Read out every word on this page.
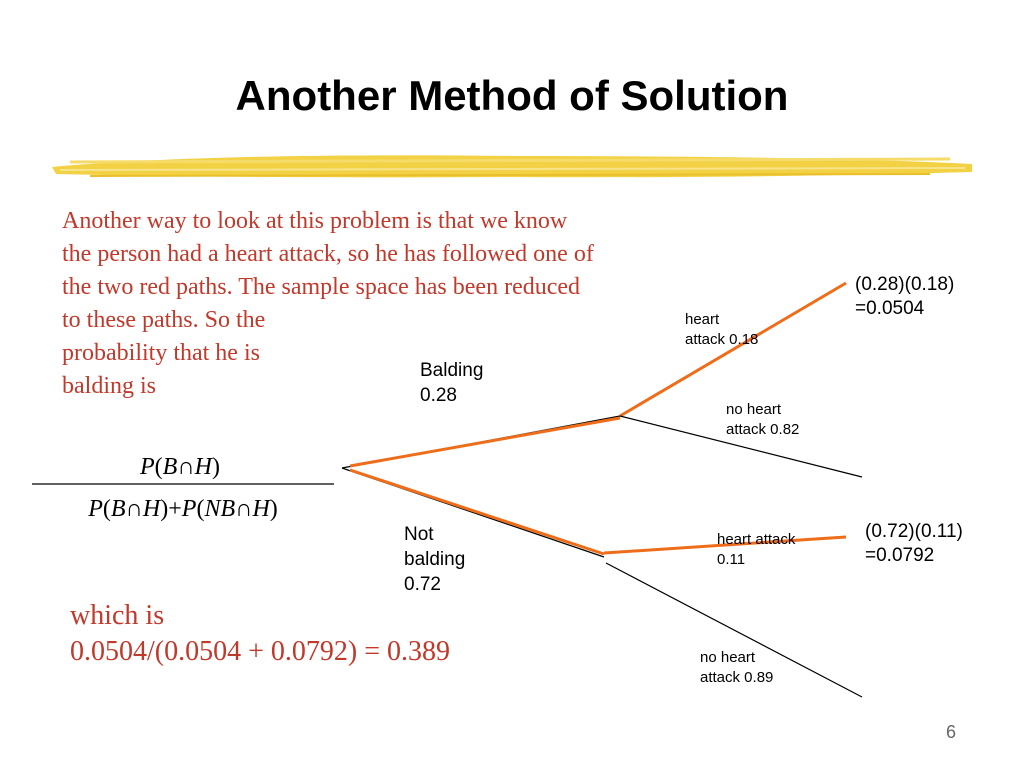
Another Method of Solution

Another way to look at this problem is that we know
the person had a heart attack, so he has followed one of
the two red paths. The sample space has been reduced
to these paths. So the
probability that he is
balding is

Balding
0.28

Not
balding
0.72

heart
attack 0.18

no heart
attack 0.82

heart attack
0.11

no heart
attack 0.89

(0.28)(0.18)
=0.0504

(0.72)(0.11)
=0.0792

P(B∩H)
P(B∩H)+P(NB∩H)

which is
0.0504/(0.0504 + 0.0792) = 0.389

6
